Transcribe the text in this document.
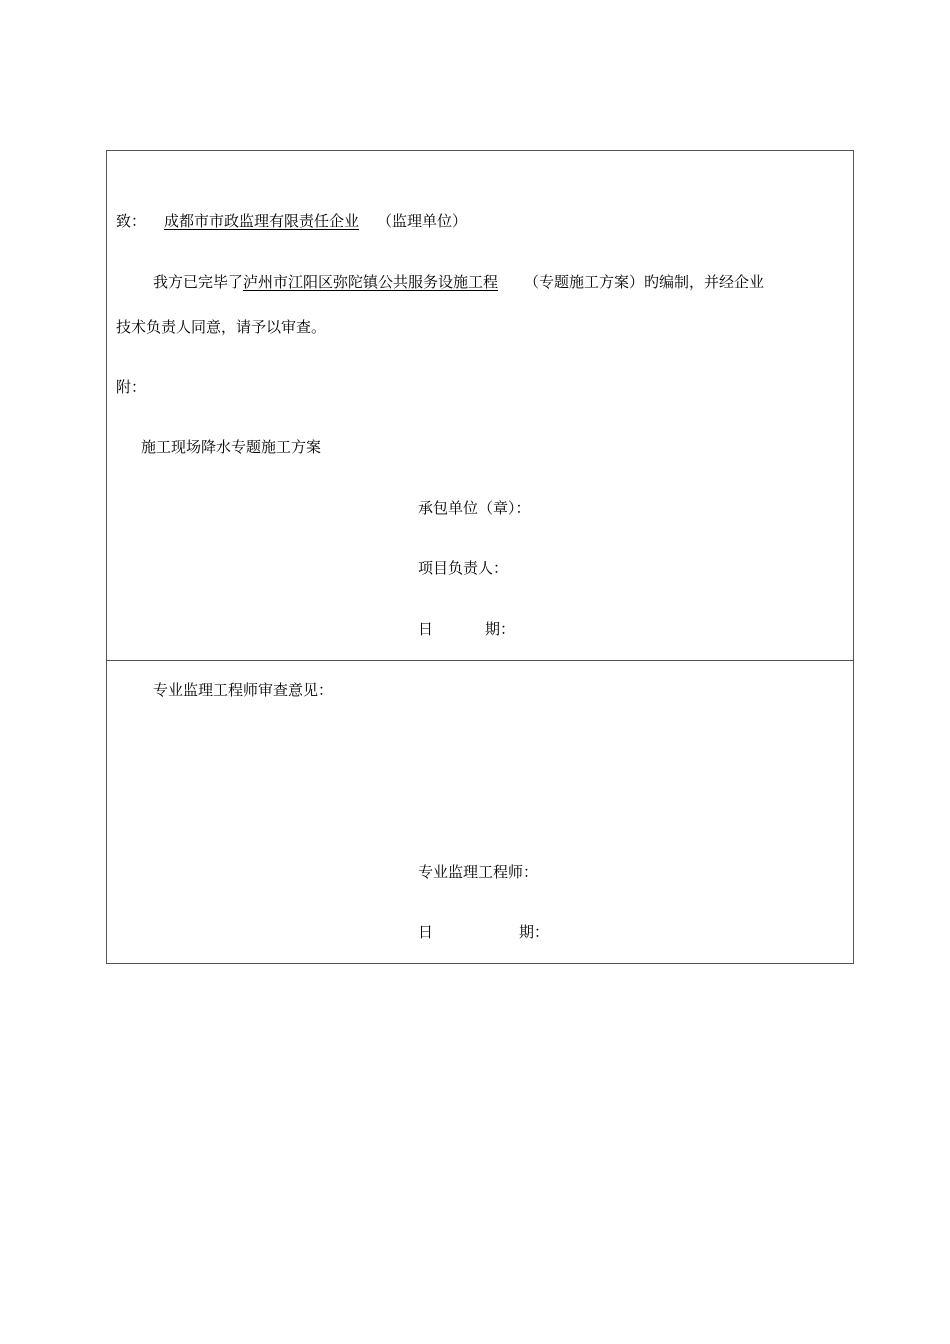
致： 成都市市政监理有限责任企业 （监理单位）
我方已完毕了泸州市江阳区弥陀镇公共服务设施工程 （专题施工方案）旳编制，并经企业
技术负责人同意，请予以审查。
附：
施工现场降水专题施工方案
承包单位（章）：
项目负责人：
日	期：
专业监理工程师审查意见：
专业监理工程师：
日	期：
